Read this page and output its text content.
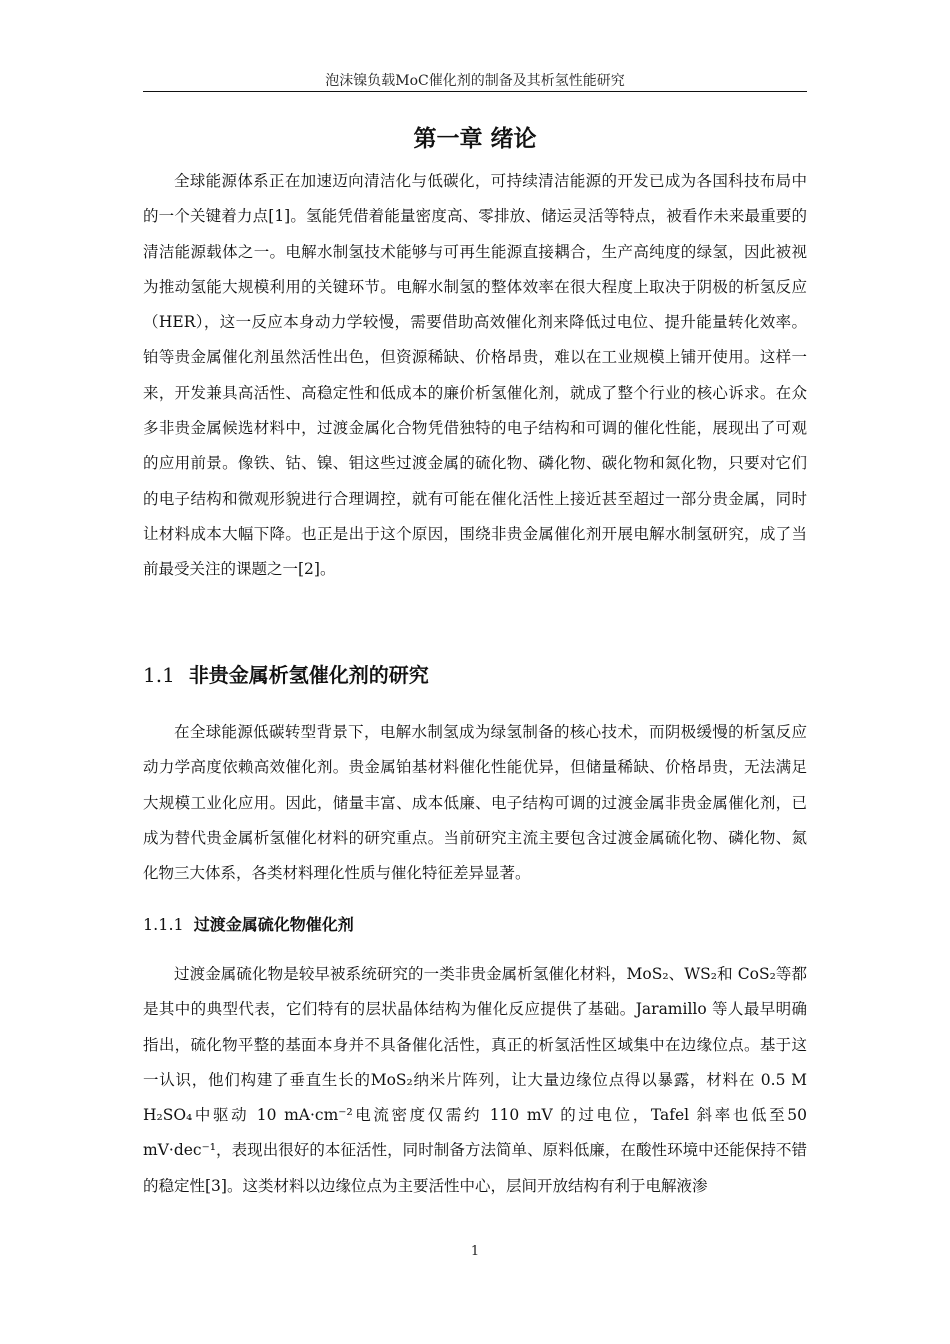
泡沫镍负载MoC催化剂的制备及其析氢性能研究
第一章 绪论

全球能源体系正在加速迈向清洁化与低碳化，可持续清洁能源的开发已成为各国科技布局中的一个关键着力点[1]。氢能凭借着能量密度高、零排放、储运灵活等特点，被看作未来最重要的清洁能源载体之一。电解水制氢技术能够与可再生能源直接耦合，生产高纯度的绿氢，因此被视为推动氢能大规模利用的关键环节。电解水制氢的整体效率在很大程度上取决于阴极的析氢反应（HER），这一反应本身动力学较慢，需要借助高效催化剂来降低过电位、提升能量转化效率。铂等贵金属催化剂虽然活性出色，但资源稀缺、价格昂贵，难以在工业规模上铺开使用。这样一来，开发兼具高活性、高稳定性和低成本的廉价析氢催化剂，就成了整个行业的核心诉求。在众多非贵金属候选材料中，过渡金属化合物凭借独特的电子结构和可调的催化性能，展现出了可观的应用前景。像铁、钴、镍、钼这些过渡金属的硫化物、磷化物、碳化物和氮化物，只要对它们的电子结构和微观形貌进行合理调控，就有可能在催化活性上接近甚至超过一部分贵金属，同时让材料成本大幅下降。也正是出于这个原因，围绕非贵金属催化剂开展电解水制氢研究，成了当前最受关注的课题之一[2]。

1.1 非贵金属析氢催化剂的研究

在全球能源低碳转型背景下，电解水制氢成为绿氢制备的核心技术，而阴极缓慢的析氢反应动力学高度依赖高效催化剂。贵金属铂基材料催化性能优异，但储量稀缺、价格昂贵，无法满足大规模工业化应用。因此，储量丰富、成本低廉、电子结构可调的过渡金属非贵金属催化剂，已成为替代贵金属析氢催化材料的研究重点。当前研究主流主要包含过渡金属硫化物、磷化物、氮化物三大体系，各类材料理化性质与催化特征差异显著。

1.1.1 过渡金属硫化物催化剂

过渡金属硫化物是较早被系统研究的一类非贵金属析氢催化材料，MoS₂、WS₂和 CoS₂等都是其中的典型代表，它们特有的层状晶体结构为催化反应提供了基础。Jaramillo 等人最早明确指出，硫化物平整的基面本身并不具备催化活性，真正的析氢活性区域集中在边缘位点。基于这一认识，他们构建了垂直生长的MoS₂纳米片阵列，让大量边缘位点得以暴露，材料在 0.5 M H₂SO₄中驱动 10 mA·cm⁻²电流密度仅需约 110 mV 的过电位，Tafel 斜率也低至50 mV·dec⁻¹，表现出很好的本征活性，同时制备方法简单、原料低廉，在酸性环境中还能保持不错的稳定性[3]。这类材料以边缘位点为主要活性中心，层间开放结构有利于电解液渗

1
